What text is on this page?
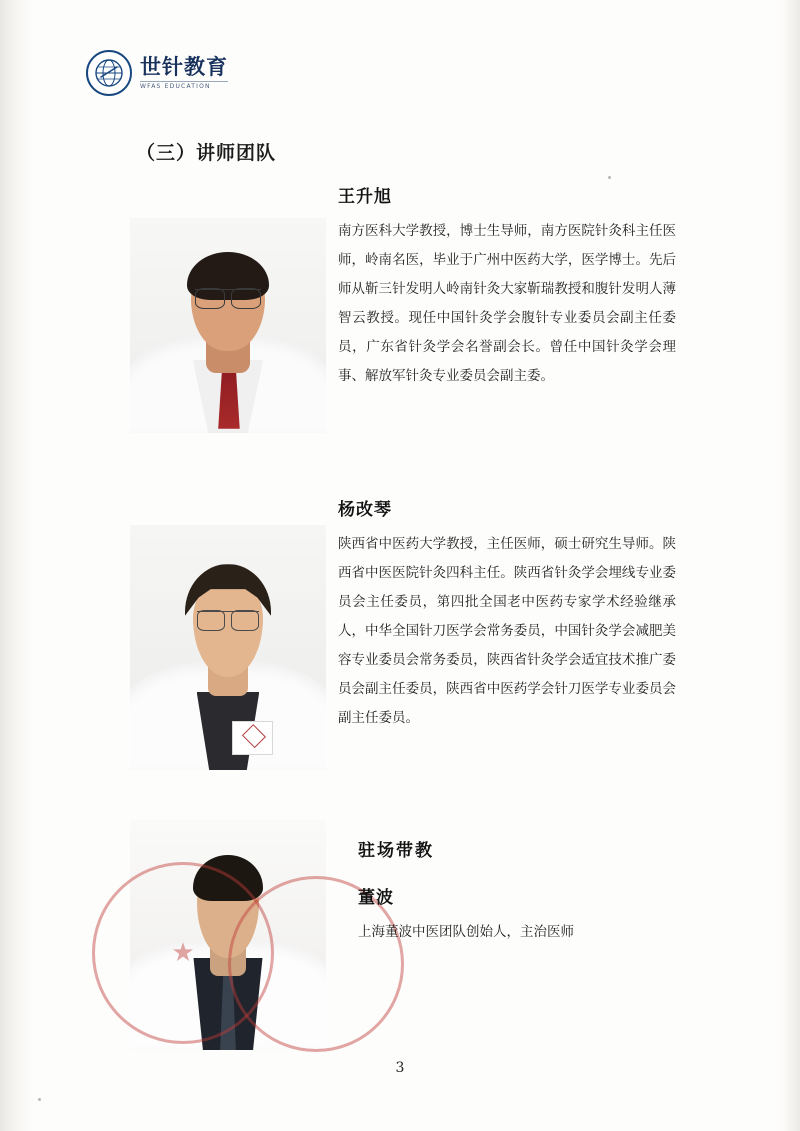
世针教育
WFAS EDUCATION
（三）讲师团队
王升旭
南方医科大学教授，博士生导师，南方医院针灸科主任医师，岭南名医，毕业于广州中医药大学，医学博士。先后师从靳三针发明人岭南针灸大家靳瑞教授和腹针发明人薄智云教授。现任中国针灸学会腹针专业委员会副主任委员，广东省针灸学会名誉副会长。曾任中国针灸学会理事、解放军针灸专业委员会副主委。
杨改琴
陕西省中医药大学教授，主任医师，硕士研究生导师。陕西省中医医院针灸四科主任。陕西省针灸学会埋线专业委员会主任委员，第四批全国老中医药专家学术经验继承人，中华全国针刀医学会常务委员，中国针灸学会减肥美容专业委员会常务委员，陕西省针灸学会适宜技术推广委员会副主任委员，陕西省中医药学会针刀医学专业委员会副主任委员。
★
驻场带教
董波
上海董波中医团队创始人，主治医师
3
